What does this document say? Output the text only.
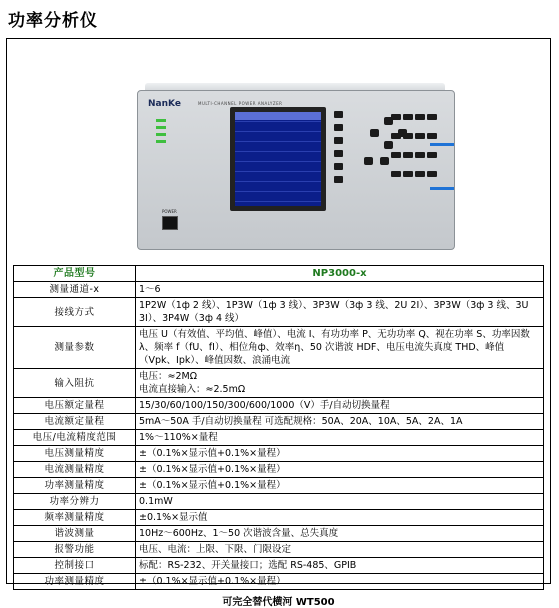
功率分析仪
NanKe	MULTI-CHANNEL POWER ANALYZER

POWER
产品型号	NP3000-x
测量通道-x	1～6
接线方式	1P2W（1ф 2 线）、1P3W（1ф 3 线）、3P3W（3ф 3 线、2U 2I）、3P3W（3ф 3 线、3U 3I）、3P4W（3ф 4 线）
测量参数	电压 U（有效值、平均值、峰值）、电流 I、有功功率 P、无功功率 Q、视在功率 S、功率因数λ、频率 f（fU、fI）、相位角ф、效率η、50 次谐波 HDF、电压电流失真度 THD、峰值（Vpk、Ipk）、峰值因数、浪涌电流
输入阻抗	电压：≈2MΩ
电流直接输入：≈2.5mΩ
电压额定量程	15/30/60/100/150/300/600/1000（V）手/自动切换量程
电流额定量程	5mA～50A 手/自动切换量程 可选配规格：50A、20A、10A、5A、2A、1A
电压/电流精度范围	1%～110%×量程
电压测量精度	±（0.1%×显示值+0.1%×量程）
电流测量精度	±（0.1%×显示值+0.1%×量程）
功率测量精度	±（0.1%×显示值+0.1%×量程）
功率分辨力	0.1mW
频率测量精度	±0.1%×显示值
谐波测量	10Hz～600Hz、1～50 次谐波含量、总失真度
报警功能	电压、电流：上限、下限、门限设定
控制接口	标配：RS-232、开关量接口；选配 RS-485、GPIB
功率测量精度	±（0.1%×显示值+0.1%×量程）
可完全替代横河 WT500
